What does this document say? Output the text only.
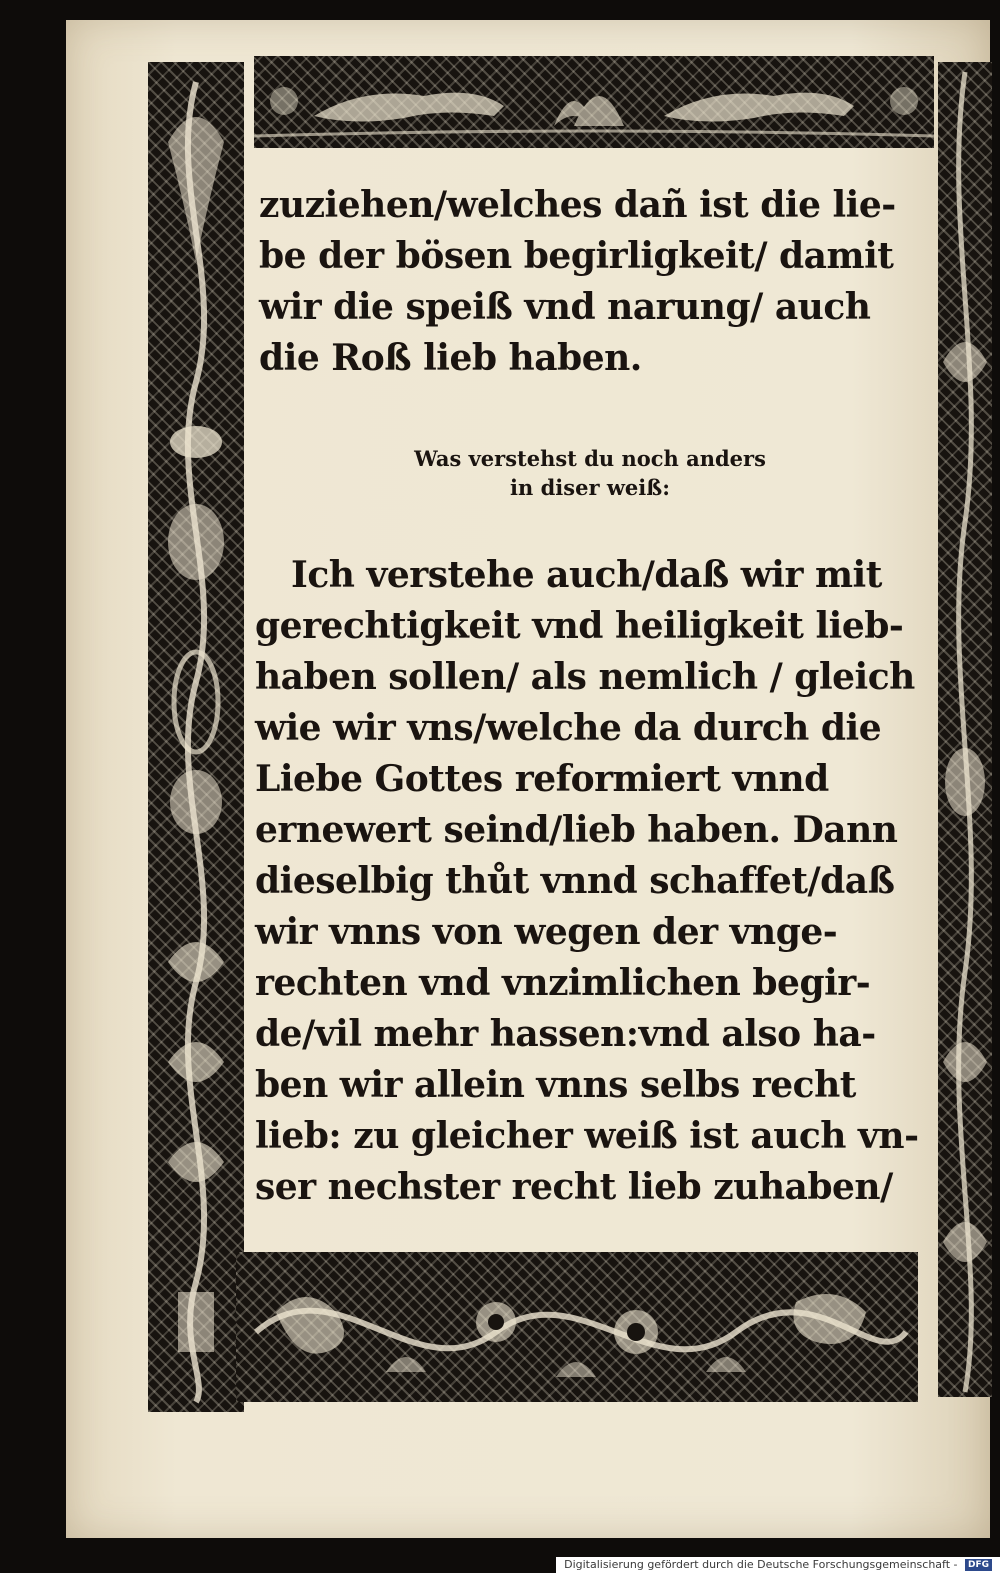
zuziehen/welches dañ ist die lie-
be der bösen begirligkeit/ damit
wir die speiß vnd narung/ auch
die Roß lieb haben.
Was verstehst du noch anders
in diser weiß:
Ich verstehe auch/daß wir mit
gerechtigkeit vnd heiligkeit lieb-
haben sollen/ als nemlich / gleich
wie wir vns/welche da durch die
Liebe Gottes reformiert vnnd
ernewert seind/lieb haben. Dann
dieselbig thůt vnnd schaffet/daß
wir vnns von wegen der vnge-
rechten vnd vnzimlichen begir-
de/vil mehr hassen:vnd also ha-
ben wir allein vnns selbs recht
lieb: zu gleicher weiß ist auch vn-
ser nechster recht lieb zuhaben/
Digitalisierung gefördert durch die Deutsche Forschungsgemeinschaft - DFG
